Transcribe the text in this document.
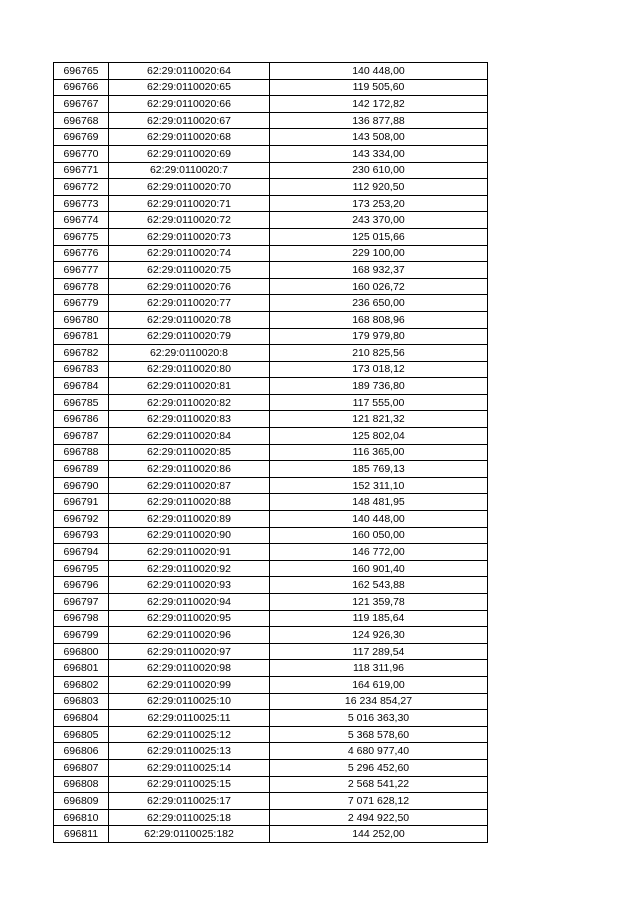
696765	62:29:0110020:64	140 448,00
696766	62:29:0110020:65	119 505,60
696767	62:29:0110020:66	142 172,82
696768	62:29:0110020:67	136 877,88
696769	62:29:0110020:68	143 508,00
696770	62:29:0110020:69	143 334,00
696771	62:29:0110020:7	230 610,00
696772	62:29:0110020:70	112 920,50
696773	62:29:0110020:71	173 253,20
696774	62:29:0110020:72	243 370,00
696775	62:29:0110020:73	125 015,66
696776	62:29:0110020:74	229 100,00
696777	62:29:0110020:75	168 932,37
696778	62:29:0110020:76	160 026,72
696779	62:29:0110020:77	236 650,00
696780	62:29:0110020:78	168 808,96
696781	62:29:0110020:79	179 979,80
696782	62:29:0110020:8	210 825,56
696783	62:29:0110020:80	173 018,12
696784	62:29:0110020:81	189 736,80
696785	62:29:0110020:82	117 555,00
696786	62:29:0110020:83	121 821,32
696787	62:29:0110020:84	125 802,04
696788	62:29:0110020:85	116 365,00
696789	62:29:0110020:86	185 769,13
696790	62:29:0110020:87	152 311,10
696791	62:29:0110020:88	148 481,95
696792	62:29:0110020:89	140 448,00
696793	62:29:0110020:90	160 050,00
696794	62:29:0110020:91	146 772,00
696795	62:29:0110020:92	160 901,40
696796	62:29:0110020:93	162 543,88
696797	62:29:0110020:94	121 359,78
696798	62:29:0110020:95	119 185,64
696799	62:29:0110020:96	124 926,30
696800	62:29:0110020:97	117 289,54
696801	62:29:0110020:98	118 311,96
696802	62:29:0110020:99	164 619,00
696803	62:29:0110025:10	16 234 854,27
696804	62:29:0110025:11	5 016 363,30
696805	62:29:0110025:12	5 368 578,60
696806	62:29:0110025:13	4 680 977,40
696807	62:29:0110025:14	5 296 452,60
696808	62:29:0110025:15	2 568 541,22
696809	62:29:0110025:17	7 071 628,12
696810	62:29:0110025:18	2 494 922,50
696811	62:29:0110025:182	144 252,00
